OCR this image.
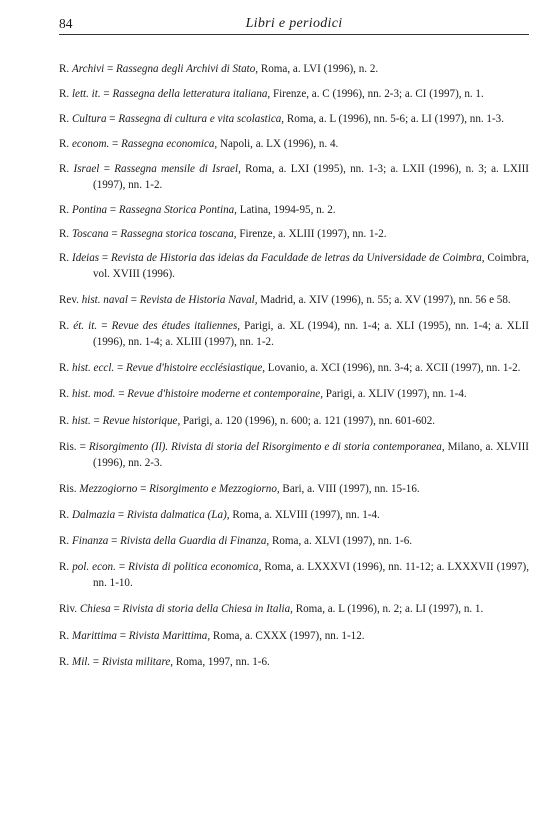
84	Libri e periodici
R. Archivi = Rassegna degli Archivi di Stato, Roma, a. LVI (1996), n. 2.
R. lett. it. = Rassegna della letteratura italiana, Firenze, a. C (1996), nn. 2-3; a. CI (1997), n. 1.
R. Cultura = Rassegna di cultura e vita scolastica, Roma, a. L (1996), nn. 5-6; a. LI (1997), nn. 1-3.
R. econom. = Rassegna economica, Napoli, a. LX (1996), n. 4.
R. Israel = Rassegna mensile di Israel, Roma, a. LXI (1995), nn. 1-3; a. LXII (1996), n. 3; a. LXIII (1997), nn. 1-2.
R. Pontina = Rassegna Storica Pontina, Latina, 1994-95, n. 2.
R. Toscana = Rassegna storica toscana, Firenze, a. XLIII (1997), nn. 1-2.
R. Ideias = Revista de Historia das ideias da Faculdade de letras da Universidade de Coimbra, Coimbra, vol. XVIII (1996).
Rev. hist. naval = Revista de Historia Naval, Madrid, a. XIV (1996), n. 55; a. XV (1997), nn. 56 e 58.
R. ét. it. = Revue des études italiennes, Parigi, a. XL (1994), nn. 1-4; a. XLI (1995), nn. 1-4; a. XLII (1996), nn. 1-4; a. XLIII (1997), nn. 1-2.
R. hist. eccl. = Revue d'histoire ecclésiastique, Lovanio, a. XCI (1996), nn. 3-4; a. XCII (1997), nn. 1-2.
R. hist. mod. = Revue d'histoire moderne et contemporaine, Parigi, a. XLIV (1997), nn. 1-4.
R. hist. = Revue historique, Parigi, a. 120 (1996), n. 600; a. 121 (1997), nn. 601-602.
Ris. = Risorgimento (Il). Rivista di storia del Risorgimento e di storia contemporanea, Milano, a. XLVIII (1996), nn. 2-3.
Ris. Mezzogiorno = Risorgimento e Mezzogiorno, Bari, a. VIII (1997), nn. 15-16.
R. Dalmazia = Rivista dalmatica (La), Roma, a. XLVIII (1997), nn. 1-4.
R. Finanza = Rivista della Guardia di Finanza, Roma, a. XLVI (1997), nn. 1-6.
R. pol. econ. = Rivista di politica economica, Roma, a. LXXXVI (1996), nn. 11-12; a. LXXXVII (1997), nn. 1-10.
Riv. Chiesa = Rivista di storia della Chiesa in Italia, Roma, a. L (1996), n. 2; a. LI (1997), n. 1.
R. Marittima = Rivista Marittima, Roma, a. CXXX (1997), nn. 1-12.
R. Mil. = Rivista militare, Roma, 1997, nn. 1-6.
